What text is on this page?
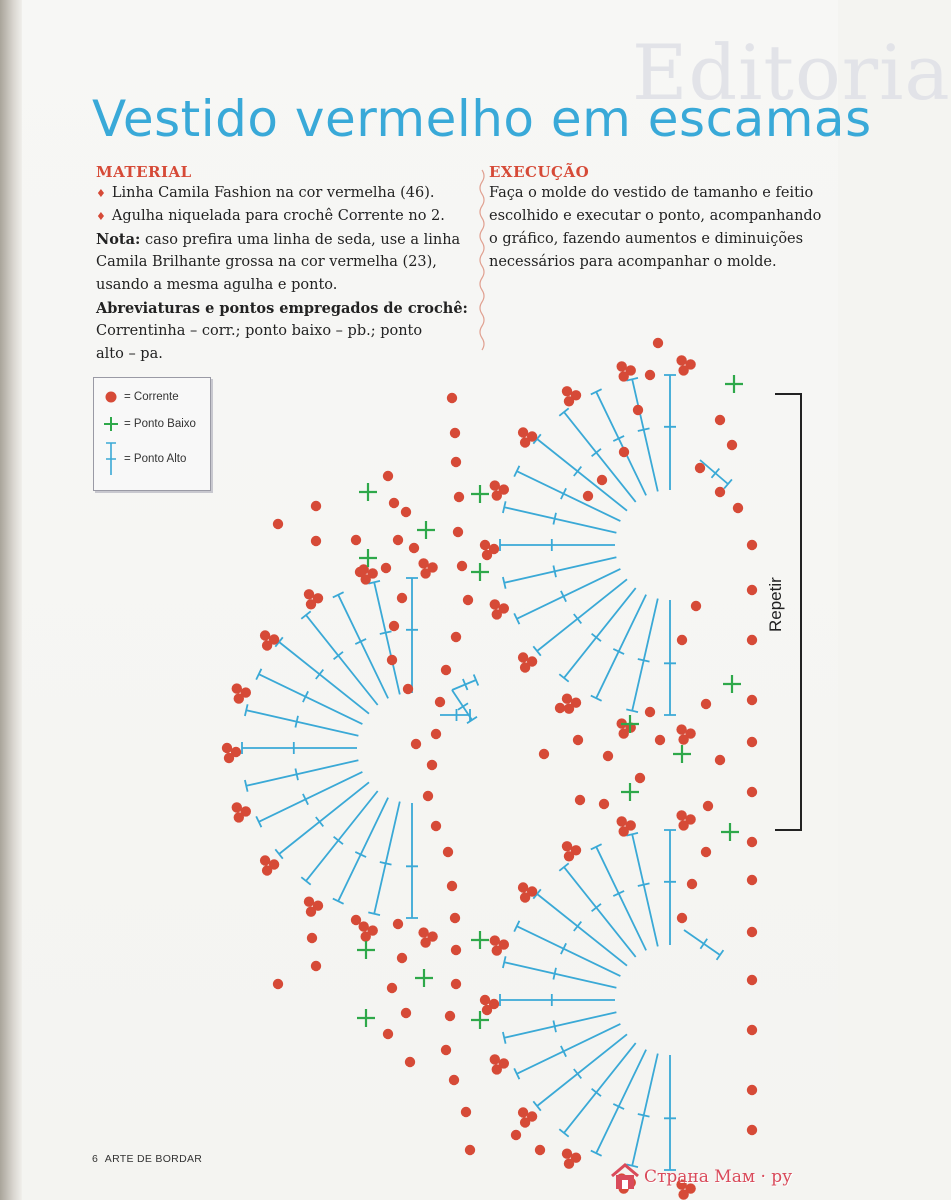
Editoria
Vestido vermelho em escamas
MATERIAL

♦ Linha Camila Fashion na cor vermelha (46).

♦ Agulha niquelada para crochê Corrente no 2.

Nota: caso prefira uma linha de seda, use a linha

Camila Brilhante grossa na cor vermelha (23),

usando a mesma agulha e ponto.

Abreviaturas e pontos empregados de crochê:

Correntinha – corr.; ponto baixo – pb.; ponto

alto – pa.

EXECUÇÃO

Faça o molde do vestido de tamanho e feitio

escolhido e executar o ponto, acompanhando

o gráfico, fazendo aumentos e diminuições

necessários para acompanhar o molde.

= Corrente
= Ponto Baixo
= Ponto Alto
Repetir
6 ARTE DE BORDAR
Страна Мам · ру
